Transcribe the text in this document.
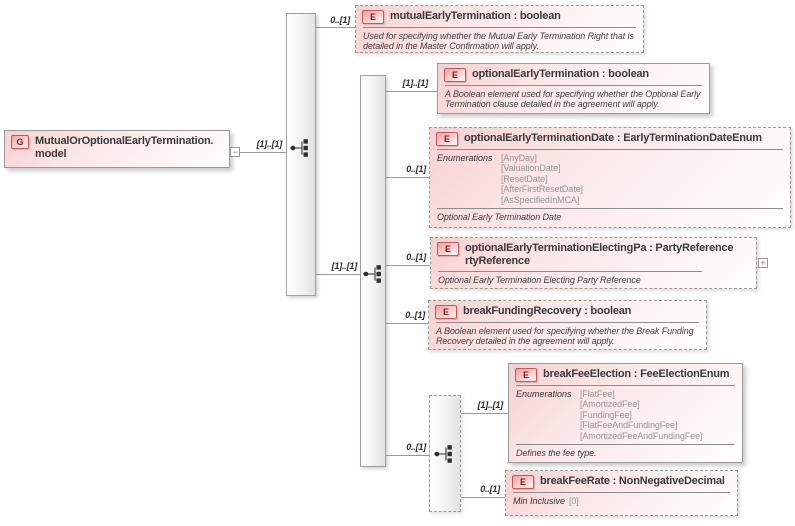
[1]..[1]
0..[1]
[1]..[1]
[1]..[1]
0..[1]
0..[1]
0..[1]
0..[1]
[1]..[1]
0..[1]
G	MutualOrOptionalEarlyTermination.
model	−
E	mutualEarlyTermination : boolean
Used for specifying whether the Mutual Early Termination Right that is
detailed in the Master Confirmation will apply.
E	optionalEarlyTermination : boolean
A Boolean element used for specifying whether the Optional Early
Termination clause detailed in the agreement will apply.
E	optionalEarlyTerminationDate : EarlyTerminationDateEnum
Enumerations [AnyDay]
[ValuationDate]
[ResetDate]
[AfterFirstResetDate]
[AsSpecifiedInMCA]
Optional Early Termination Date
E	optionalEarlyTerminationElectingPa : PartyReference
rtyReference
Optional Early Termination Electing Party Reference
+
E	breakFundingRecovery : boolean
A Boolean element used for specifying whether the Break Funding
Recovery detailed in the agreement will apply.
E	breakFeeElection : FeeElectionEnum
Enumerations [FlatFee]
[AmortizedFee]
[FundingFee]
[FlatFeeAndFundingFee]
[AmortizedFeeAndFundingFee]
Defines the fee type.
E	breakFeeRate : NonNegativeDecimal
Min Inclusive [0]
